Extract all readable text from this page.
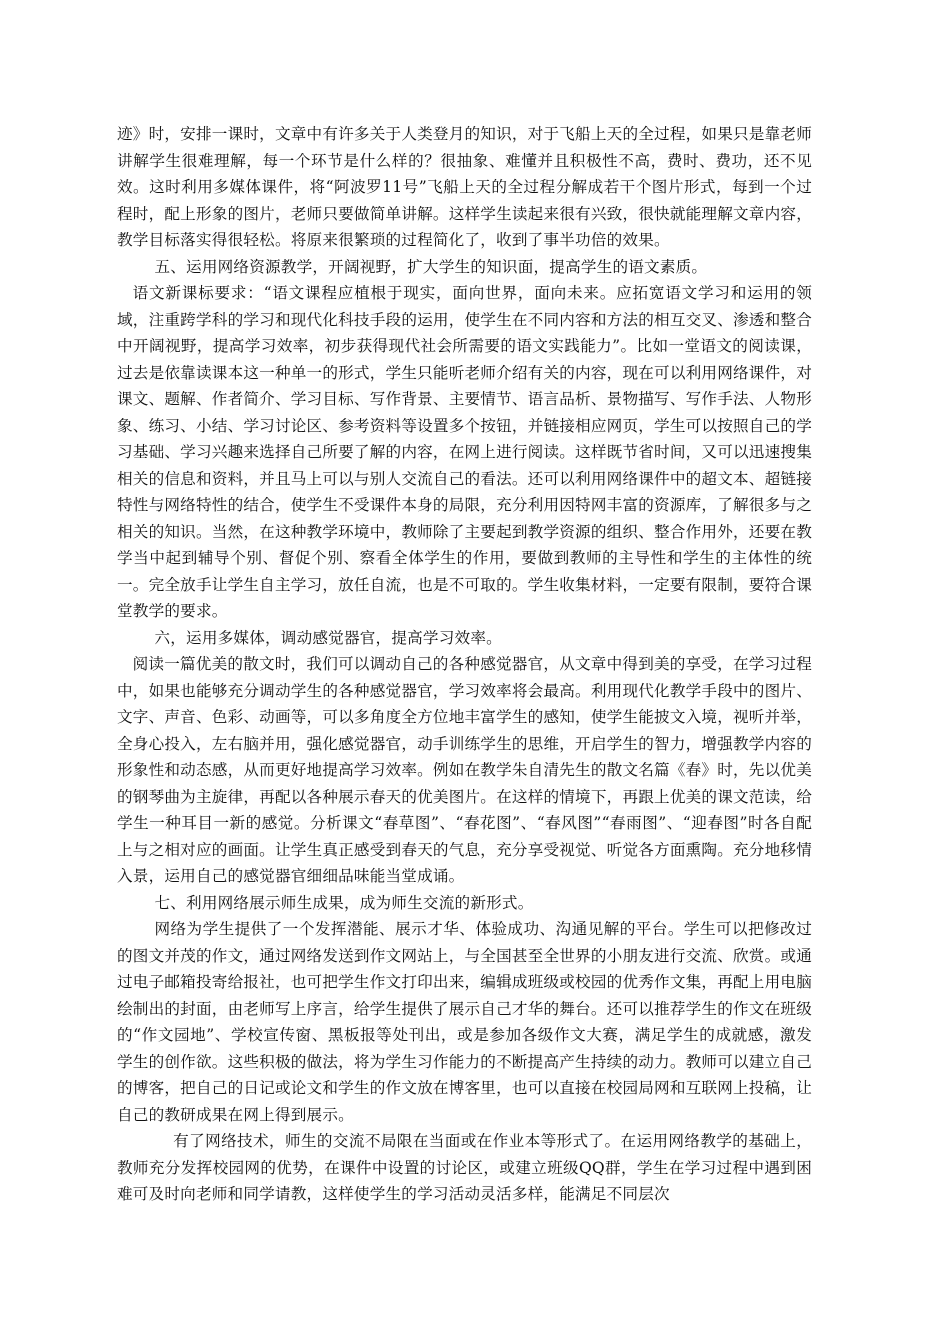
迹》时，安排一课时，文章中有许多关于人类登月的知识，对于飞船上天的全过程，如果只是靠老师讲解学生很难理解，每一个环节是什么样的？很抽象、难懂并且积极性不高，费时、费功，还不见效。这时利用多媒体课件，将“阿波罗11号”飞船上天的全过程分解成若干个图片形式，每到一个过程时，配上形象的图片，老师只要做简单讲解。这样学生读起来很有兴致，很快就能理解文章内容，教学目标落实得很轻松。将原来很繁琐的过程简化了，收到了事半功倍的效果。

五、运用网络资源教学，开阔视野，扩大学生的知识面，提高学生的语文素质。

语文新课标要求：“语文课程应植根于现实，面向世界，面向未来。应拓宽语文学习和运用的领域，注重跨学科的学习和现代化科技手段的运用，使学生在不同内容和方法的相互交叉、渗透和整合中开阔视野，提高学习效率，初步获得现代社会所需要的语文实践能力”。比如一堂语文的阅读课，过去是依靠读课本这一种单一的形式，学生只能听老师介绍有关的内容，现在可以利用网络课件，对课文、题解、作者简介、学习目标、写作背景、主要情节、语言品析、景物描写、写作手法、人物形象、练习、小结、学习讨论区、参考资料等设置多个按钮，并链接相应网页，学生可以按照自己的学习基础、学习兴趣来选择自己所要了解的内容，在网上进行阅读。这样既节省时间，又可以迅速搜集相关的信息和资料，并且马上可以与别人交流自己的看法。还可以利用网络课件中的超文本、超链接特性与网络特性的结合，使学生不受课件本身的局限，充分利用因特网丰富的资源库，了解很多与之相关的知识。当然，在这种教学环境中，教师除了主要起到教学资源的组织、整合作用外，还要在教学当中起到辅导个别、督促个别、察看全体学生的作用，要做到教师的主导性和学生的主体性的统一。完全放手让学生自主学习，放任自流，也是不可取的。学生收集材料，一定要有限制，要符合课堂教学的要求。

六，运用多媒体，调动感觉器官，提高学习效率。

阅读一篇优美的散文时，我们可以调动自己的各种感觉器官，从文章中得到美的享受，在学习过程中，如果也能够充分调动学生的各种感觉器官，学习效率将会最高。利用现代化教学手段中的图片、文字、声音、色彩、动画等，可以多角度全方位地丰富学生的感知，使学生能披文入境，视听并举，全身心投入，左右脑并用，强化感觉器官，动手训练学生的思维，开启学生的智力，增强教学内容的形象性和动态感，从而更好地提高学习效率。例如在教学朱自清先生的散文名篇《春》时，先以优美的钢琴曲为主旋律，再配以各种展示春天的优美图片。在这样的情境下，再跟上优美的课文范读，给学生一种耳目一新的感觉。分析课文“春草图”、“春花图”、“春风图”“春雨图”、“迎春图”时各自配上与之相对应的画面。让学生真正感受到春天的气息，充分享受视觉、听觉各方面熏陶。充分地移情入景，运用自己的感觉器官细细品味能当堂成诵。

七、利用网络展示师生成果，成为师生交流的新形式。

网络为学生提供了一个发挥潜能、展示才华、体验成功、沟通见解的平台。学生可以把修改过的图文并茂的作文，通过网络发送到作文网站上，与全国甚至全世界的小朋友进行交流、欣赏。或通过电子邮箱投寄给报社，也可把学生作文打印出来，编辑成班级或校园的优秀作文集，再配上用电脑绘制出的封面，由老师写上序言，给学生提供了展示自己才华的舞台。还可以推荐学生的作文在班级的“作文园地”、学校宣传窗、黑板报等处刊出，或是参加各级作文大赛，满足学生的成就感，激发学生的创作欲。这些积极的做法，将为学生习作能力的不断提高产生持续的动力。教师可以建立自己的博客，把自己的日记或论文和学生的作文放在博客里，也可以直接在校园局网和互联网上投稿，让自己的教研成果在网上得到展示。

有了网络技术，师生的交流不局限在当面或在作业本等形式了。在运用网络教学的基础上，教师充分发挥校园网的优势，在课件中设置的讨论区，或建立班级QQ群，学生在学习过程中遇到困难可及时向老师和同学请教，这样使学生的学习活动灵活多样，能满足不同层次
